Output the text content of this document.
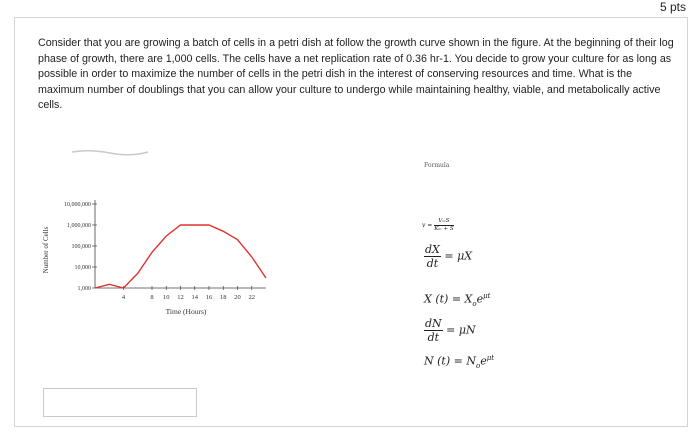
5 pts
Consider that you are growing a batch of cells in a petri dish at follow the growth curve shown in the figure. At the beginning of their log phase of growth, there are 1,000 cells. The cells have a net replication rate of 0.36 hr-1. You decide to grow your culture for as long as possible in order to maximize the number of cells in the petri dish in the interest of conserving resources and time. What is the maximum number of doublings that you can allow your culture to undergo while maintaining healthy, viable, and metabolically active cells.
Number of Cells
Time (Hours)
1,000
10,000
100,000
1,000,000
10,000,000
4	8 10 12 14 16 18 20 22
Formula
$v = \frac{\text{VₘS}}{\text{Kₘ + S}}$
$\frac{dX}{dt} = \mu X$
X $(t) = X_oe^{\mu t}$
$\frac{dN}{dt} = \mu N$
N $(t) = N_oe^{\mu t}$
